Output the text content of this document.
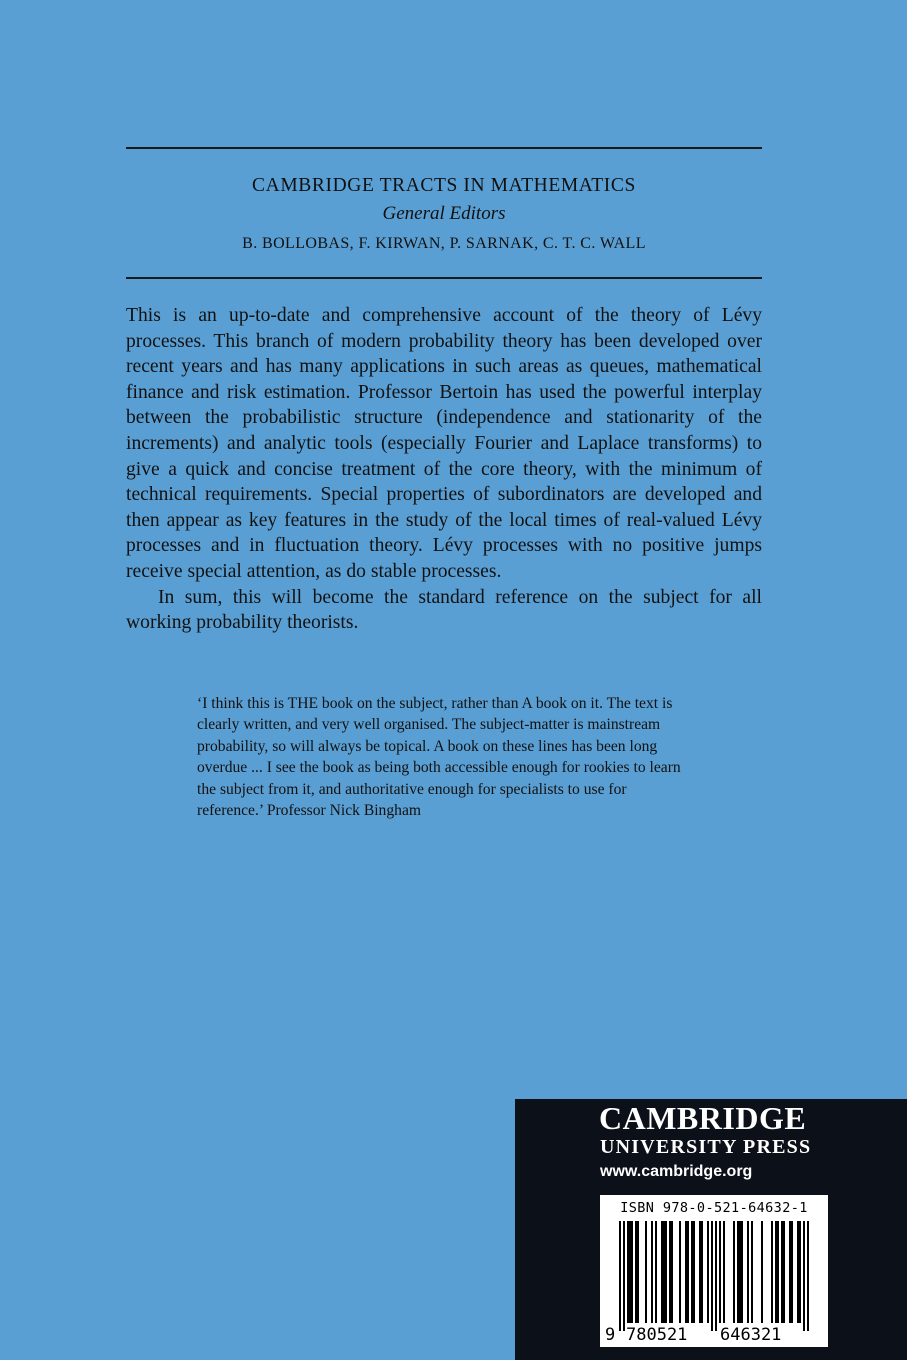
CAMBRIDGE TRACTS IN MATHEMATICS
General Editors
B. BOLLOBAS, F. KIRWAN, P. SARNAK, C. T. C. WALL

This is an up-to-date and comprehensive account of the theory of Lévy processes. This branch of modern probability theory has been developed over recent years and has many applications in such areas as queues, mathematical finance and risk estimation. Professor Bertoin has used the powerful interplay between the probabilistic structure (independence and stationarity of the increments) and analytic tools (especially Fourier and Laplace transforms) to give a quick and concise treatment of the core theory, with the minimum of technical requirements. Special properties of subordinators are developed and then appear as key features in the study of the local times of real-valued Lévy processes and in fluctuation theory. Lévy processes with no positive jumps receive special attention, as do stable processes.

In sum, this will become the standard reference on the subject for all working probability theorists.

‘I think this is THE book on the subject, rather than A book on it. The text is clearly written, and very well organised. The subject-matter is mainstream probability, so will always be topical. A book on these lines has been long overdue ... I see the book as being both accessible enough for rookies to learn the subject from it, and authoritative enough for specialists to use for reference.’ Professor Nick Bingham
CAMBRIDGE
UNIVERSITY PRESS
www.cambridge.org
ISBN 978-0-521-64632-1
9 780521 646321
